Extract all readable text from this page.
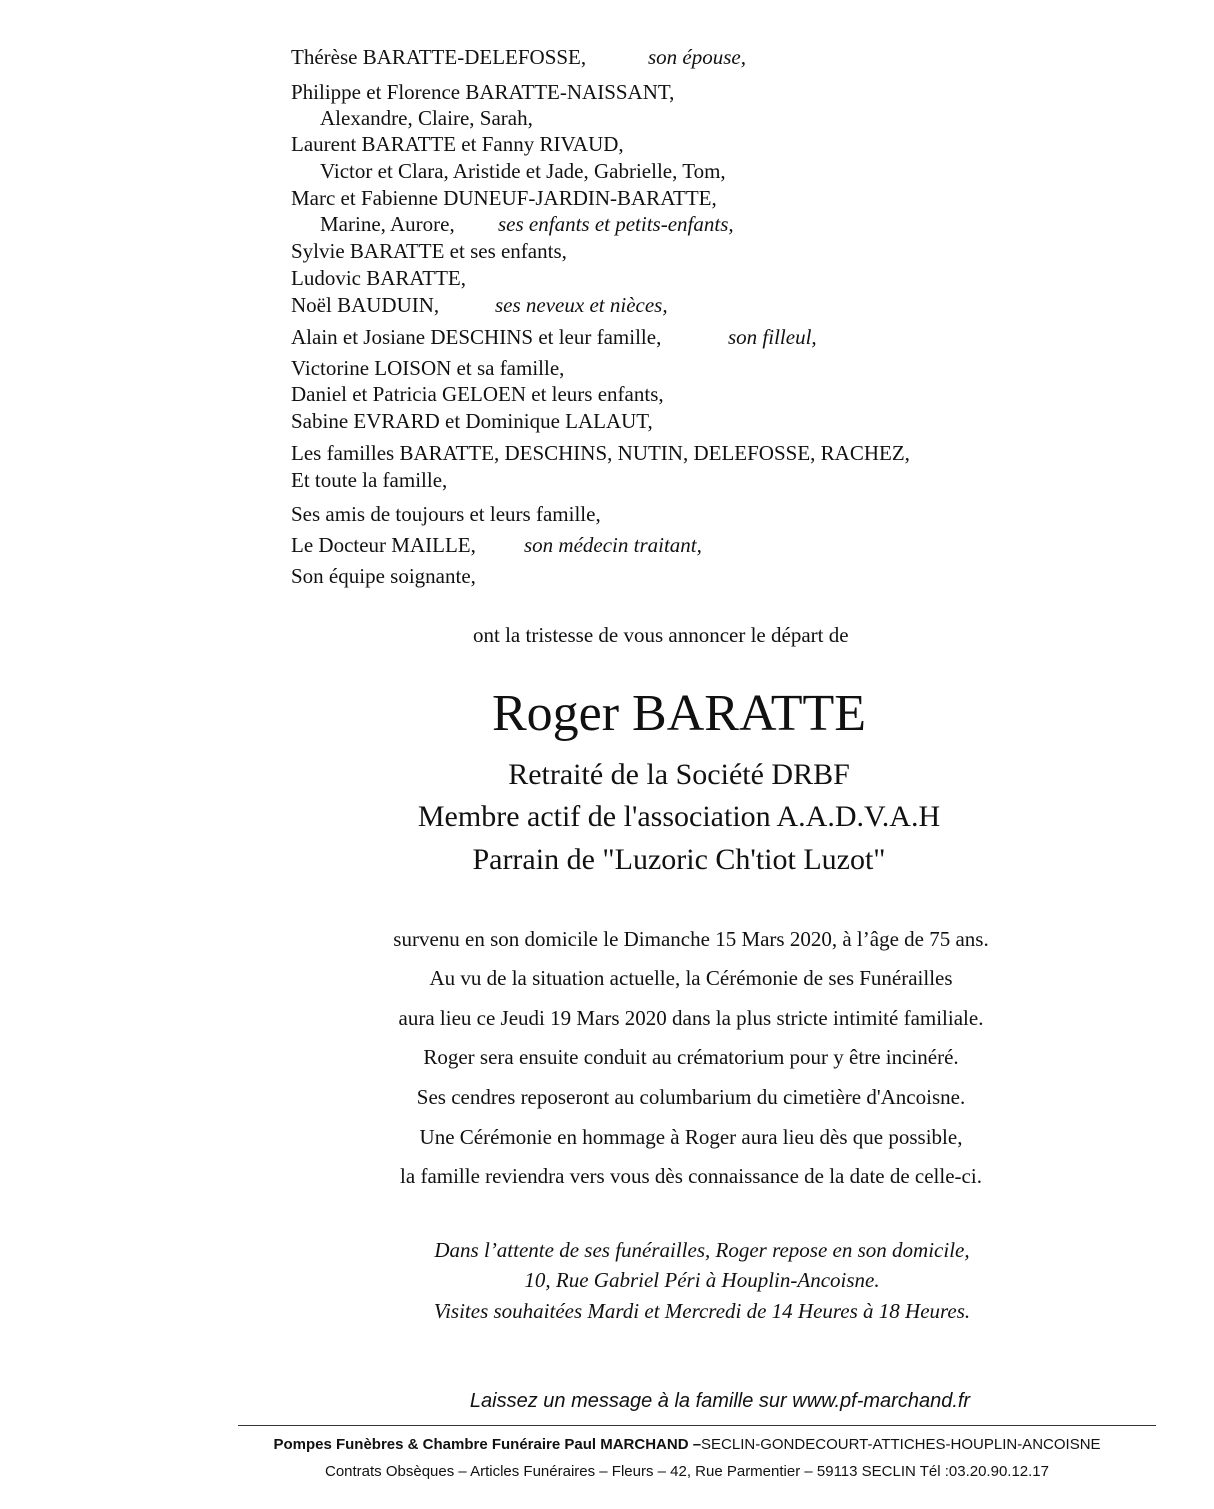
Thérèse BARATTE-DELEFOSSE,	son épouse,
Philippe et Florence BARATTE-NAISSANT,
Alexandre, Claire, Sarah,
Laurent BARATTE et Fanny RIVAUD,
Victor et Clara, Aristide et Jade, Gabrielle, Tom,
Marc et Fabienne DUNEUF-JARDIN-BARATTE,
Marine, Aurore, ses enfants et petits-enfants,
Sylvie BARATTE et ses enfants,
Ludovic BARATTE,
Noël BAUDUIN,	ses neveux et nièces,
Alain et Josiane DESCHINS et leur famille,	son filleul,
Victorine LOISON et sa famille,
Daniel et Patricia GELOEN et leurs enfants,
Sabine EVRARD et Dominique LALAUT,
Les familles BARATTE, DESCHINS, NUTIN, DELEFOSSE, RACHEZ,
Et toute la famille,
Ses amis de toujours et leurs famille,
Le Docteur MAILLE, son médecin traitant,
Son équipe soignante,
ont la tristesse de vous annoncer le départ de
Roger BARATTE
Retraité de la Société DRBF
Membre actif de l'association A.A.D.V.A.H
Parrain de "Luzoric Ch'tiot Luzot"
survenu en son domicile le Dimanche 15 Mars 2020, à l’âge de 75 ans.
Au vu de la situation actuelle, la Cérémonie de ses Funérailles
aura lieu ce Jeudi 19 Mars 2020 dans la plus stricte intimité familiale.
Roger sera ensuite conduit au crématorium pour y être incinéré.
Ses cendres reposeront au columbarium du cimetière d'Ancoisne.
Une Cérémonie en hommage à Roger aura lieu dès que possible,
la famille reviendra vers vous dès connaissance de la date de celle-ci.
Dans l’attente de ses funérailles, Roger repose en son domicile,
10, Rue Gabriel Péri à Houplin-Ancoisne.
Visites souhaitées Mardi et Mercredi de 14 Heures à 18 Heures.
Laissez un message à la famille sur www.pf-marchand.fr
Pompes Funèbres & Chambre Funéraire Paul MARCHAND –SECLIN-GONDECOURT-ATTICHES-HOUPLIN-ANCOISNE
Contrats Obsèques – Articles Funéraires – Fleurs – 42, Rue Parmentier – 59113 SECLIN Tél :03.20.90.12.17
